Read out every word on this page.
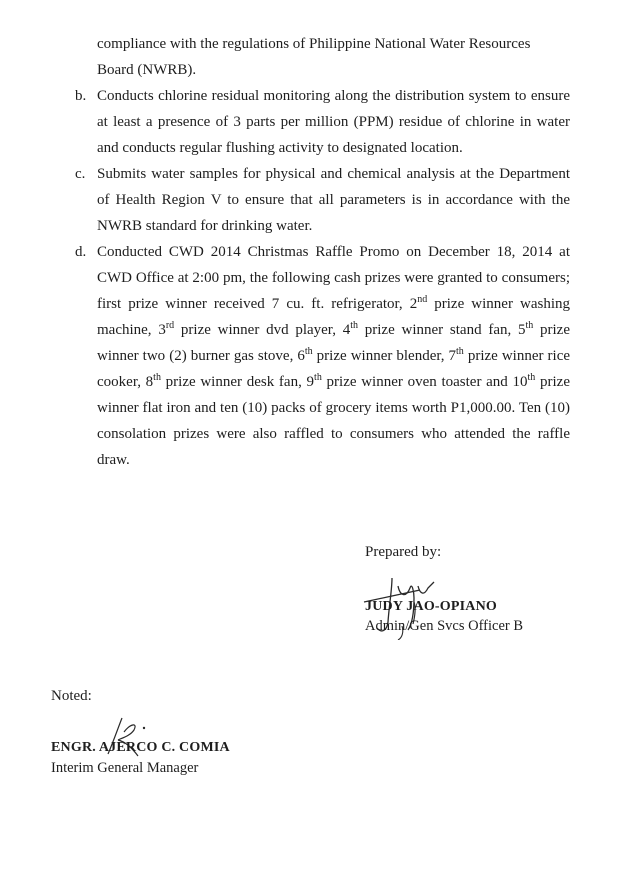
compliance with the regulations of Philippine National Water Resources Board (NWRB).
b. Conducts chlorine residual monitoring along the distribution system to ensure at least a presence of 3 parts per million (PPM) residue of chlorine in water and conducts regular flushing activity to designated location.
c. Submits water samples for physical and chemical analysis at the Department of Health Region V to ensure that all parameters is in accordance with the NWRB standard for drinking water.
d. Conducted CWD 2014 Christmas Raffle Promo on December 18, 2014 at CWD Office at 2:00 pm, the following cash prizes were granted to consumers; first prize winner received 7 cu. ft. refrigerator, 2nd prize winner washing machine, 3rd prize winner dvd player, 4th prize winner stand fan, 5th prize winner two (2) burner gas stove, 6th prize winner blender, 7th prize winner rice cooker, 8th prize winner desk fan, 9th prize winner oven toaster and 10th prize winner flat iron and ten (10) packs of grocery items worth P1,000.00. Ten (10) consolation prizes were also raffled to consumers who attended the raffle draw.
Prepared by:
JUDY JAO-OPIANO
Admin/Gen Svcs Officer B
Noted:
ENGR. AJERCO C. COMIA
Interim General Manager
